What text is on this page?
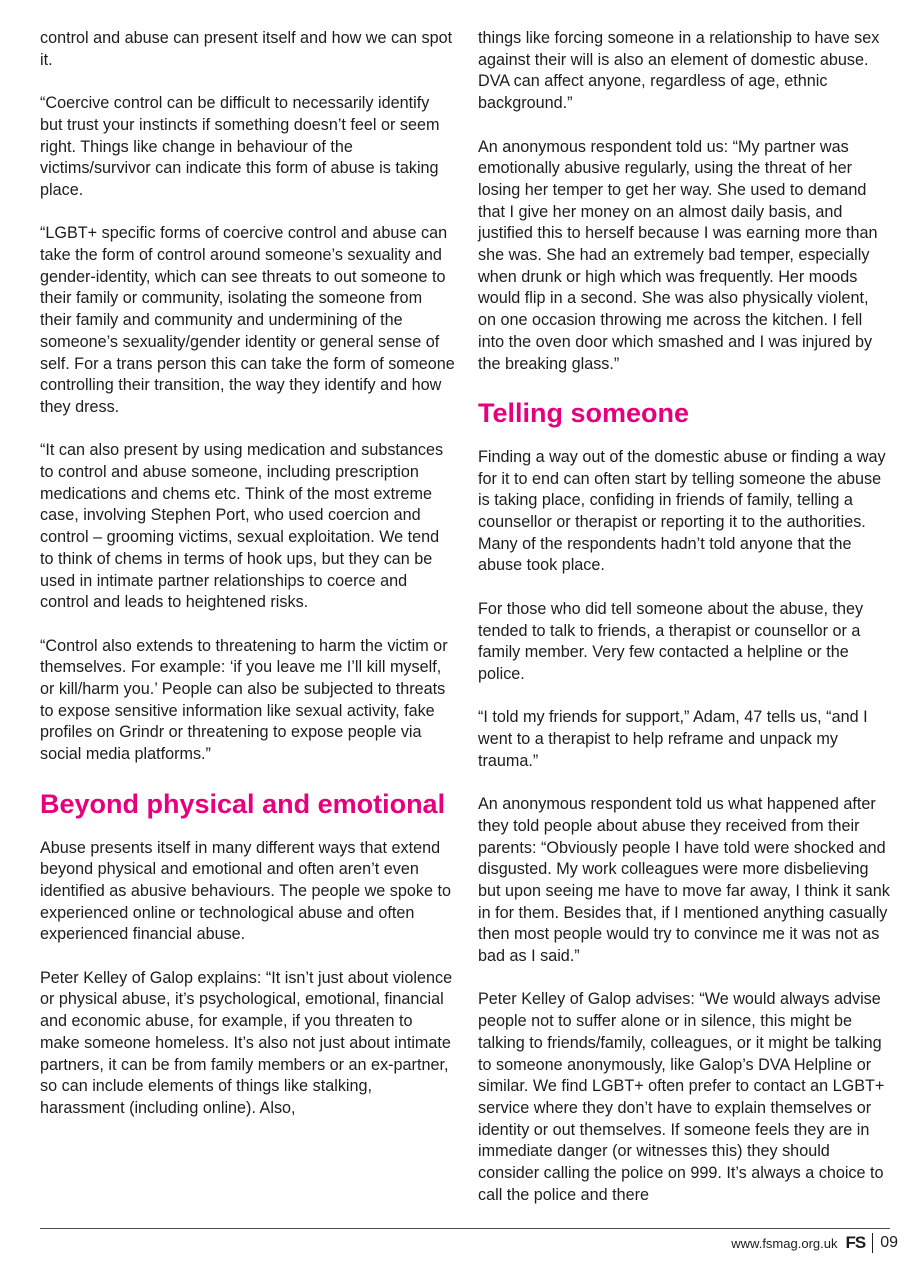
control and abuse can present itself and how we can spot it.

“Coercive control can be difficult to necessarily identify but trust your instincts if something doesn’t feel or seem right. Things like change in behaviour of the victims/survivor can indicate this form of abuse is taking place.

“LGBT+ specific forms of coercive control and abuse can take the form of control around someone’s sexuality and gender-identity, which can see threats to out someone to their family or community, isolating the someone from their family and community and undermining of the someone’s sexuality/gender identity or general sense of self. For a trans person this can take the form of someone controlling their transition, the way they identify and how they dress.

“It can also present by using medication and substances to control and abuse someone, including prescription medications and chems etc. Think of the most extreme case, involving Stephen Port, who used coercion and control – grooming victims, sexual exploitation. We tend to think of chems in terms of hook ups, but they can be used in intimate partner relationships to coerce and control and leads to heightened risks.

“Control also extends to threatening to harm the victim or themselves. For example: ‘if you leave me I’ll kill myself, or kill/harm you.’ People can also be subjected to threats to expose sensitive information like sexual activity, fake profiles on Grindr or threatening to expose people via social media platforms.”

Beyond physical and emotional

Abuse presents itself in many different ways that extend beyond physical and emotional and often aren’t even identified as abusive behaviours. The people we spoke to experienced online or technological abuse and often experienced financial abuse.

Peter Kelley of Galop explains: “It isn’t just about violence or physical abuse, it’s psychological, emotional, financial and economic abuse, for example, if you threaten to make someone homeless. It’s also not just about intimate partners, it can be from family members or an ex-partner, so can include elements of things like stalking, harassment (including online). Also,

things like forcing someone in a relationship to have sex against their will is also an element of domestic abuse. DVA can affect anyone, regardless of age, ethnic background.”

An anonymous respondent told us: “My partner was emotionally abusive regularly, using the threat of her losing her temper to get her way. She used to demand that I give her money on an almost daily basis, and justified this to herself because I was earning more than she was. She had an extremely bad temper, especially when drunk or high which was frequently. Her moods would flip in a second. She was also physically violent, on one occasion throwing me across the kitchen. I fell into the oven door which smashed and I was injured by the breaking glass.”

Telling someone

Finding a way out of the domestic abuse or finding a way for it to end can often start by telling someone the abuse is taking place, confiding in friends of family, telling a counsellor or therapist or reporting it to the authorities. Many of the respondents hadn’t told anyone that the abuse took place.

For those who did tell someone about the abuse, they tended to talk to friends, a therapist or counsellor or a family member. Very few contacted a helpline or the police.

“I told my friends for support,” Adam, 47 tells us, “and I went to a therapist to help reframe and unpack my trauma.”

An anonymous respondent told us what happened after they told people about abuse they received from their parents: “Obviously people I have told were shocked and disgusted. My work colleagues were more disbelieving but upon seeing me have to move far away, I think it sank in for them. Besides that, if I mentioned anything casually then most people would try to convince me it was not as bad as I said.”

Peter Kelley of Galop advises: “We would always advise people not to suffer alone or in silence, this might be talking to friends/family, colleagues, or it might be talking to someone anonymously, like Galop’s DVA Helpline or similar. We find LGBT+ often prefer to contact an LGBT+ service where they don’t have to explain themselves or identity or out themselves. If someone feels they are in immediate danger (or witnesses this) they should consider calling the police on 999. It’s always a choice to call the police and there

www.fsmag.org.uk FS 09
